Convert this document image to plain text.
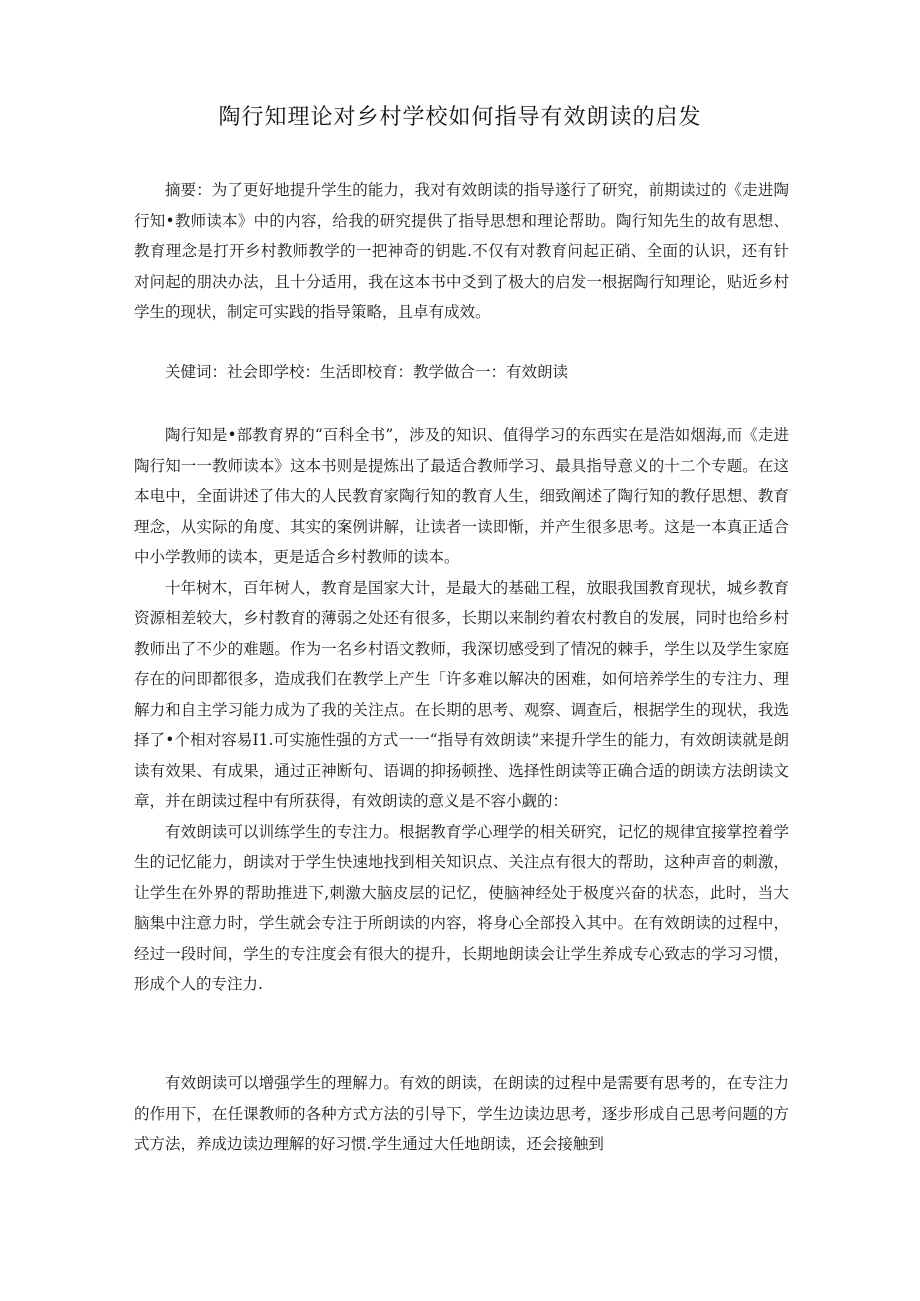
陶行知理论对乡村学校如何指导有效朗读的启发

摘要：为了更好地提升学生的能力，我对有效朗读的指导遂行了研究，前期读过的《走进陶行知•教师读本》中的内容，给我的研究提供了指导思想和理论帮助。陶行知先生的故有思想、教育理念是打开乡村教师教学的一把神奇的钥匙.不仅有对教育问起正硝、全面的认识，还有针对问起的朋决办法，且十分适用，我在这本书中爻到了极大的启发一根据陶行知理论，贴近乡村学生的现状，制定可实践的指导策略，且卓有成效。

关健词：社会即学校：生活即校育：教学做合一：有效朗读

陶行知是•部教育界的“百科全书”，涉及的知识、值得学习的东西实在是浩如烟海,而《走进陶行知一一教师读本》这本书则是提炼出了最适合教师学习、最具指导意义的十二个专题。在这本电中，全面讲述了伟大的人民教育家陶行知的教育人生，细致阐述了陶行知的教仔思想、教育理念，从实际的角度、其实的案例讲解，让读者一读即惭，并产生很多思考。这是一本真正适合中小学教师的读本，更是适合乡村教师的读本。

十年树木，百年树人，教育是国家大计，是最大的基础工程，放眼我国教育现状，城乡教育资源相差较大，乡村教育的薄弱之处还有很多，长期以来制约着农村教自的发展，同时也给乡村教师出了不少的难题。作为一名乡村语文教师，我深切感受到了情况的棘手，学生以及学生家庭存在的问即都很多，造成我们在教学上产生「许多难以解决的困难，如何培养学生的专注力、理解力和自主学习能力成为了我的关注点。在长期的思考、观察、调查后，根据学生的现状，我选择了•个相对容易I1.可实施性强的方式一一“指导有效朗读”来提升学生的能力，有效朗读就是朗读有效果、有成果，通过正神断句、语调的抑扬顿挫、选择性朗读等正确合适的朗读方法朗读文章，并在朗读过程中有所获得，有效朗读的意义是不容小觑的：

有效朗读可以训练学生的专注力。根据教育学心理学的相关研究，记忆的规律宜接掌控着学生的记忆能力，朗读对于学生快速地找到相关知识点、关注点有很大的帮助，这种声音的刺激，让学生在外界的帮助推进下,刺激大脑皮层的记忆，使脑神经处于极度兴奋的状态，此时，当大脑集中注意力时，学生就会专注于所朗读的内容，将身心全部投入其中。在有效朗读的过程中，经过一段时间，学生的专注度会有很大的提升，长期地朗读会让学生养成专心致志的学习习惯，形成个人的专注力.

有效朗读可以增强学生的理解力。有效的朗读，在朗读的过程中是需要有思考的，在专注力的作用下，在任课教师的各种方式方法的引导下，学生边读边思考，逐步形成自己思考问题的方式方法，养成边读边理解的好习惯.学生通过大任地朗读，还会接触到
